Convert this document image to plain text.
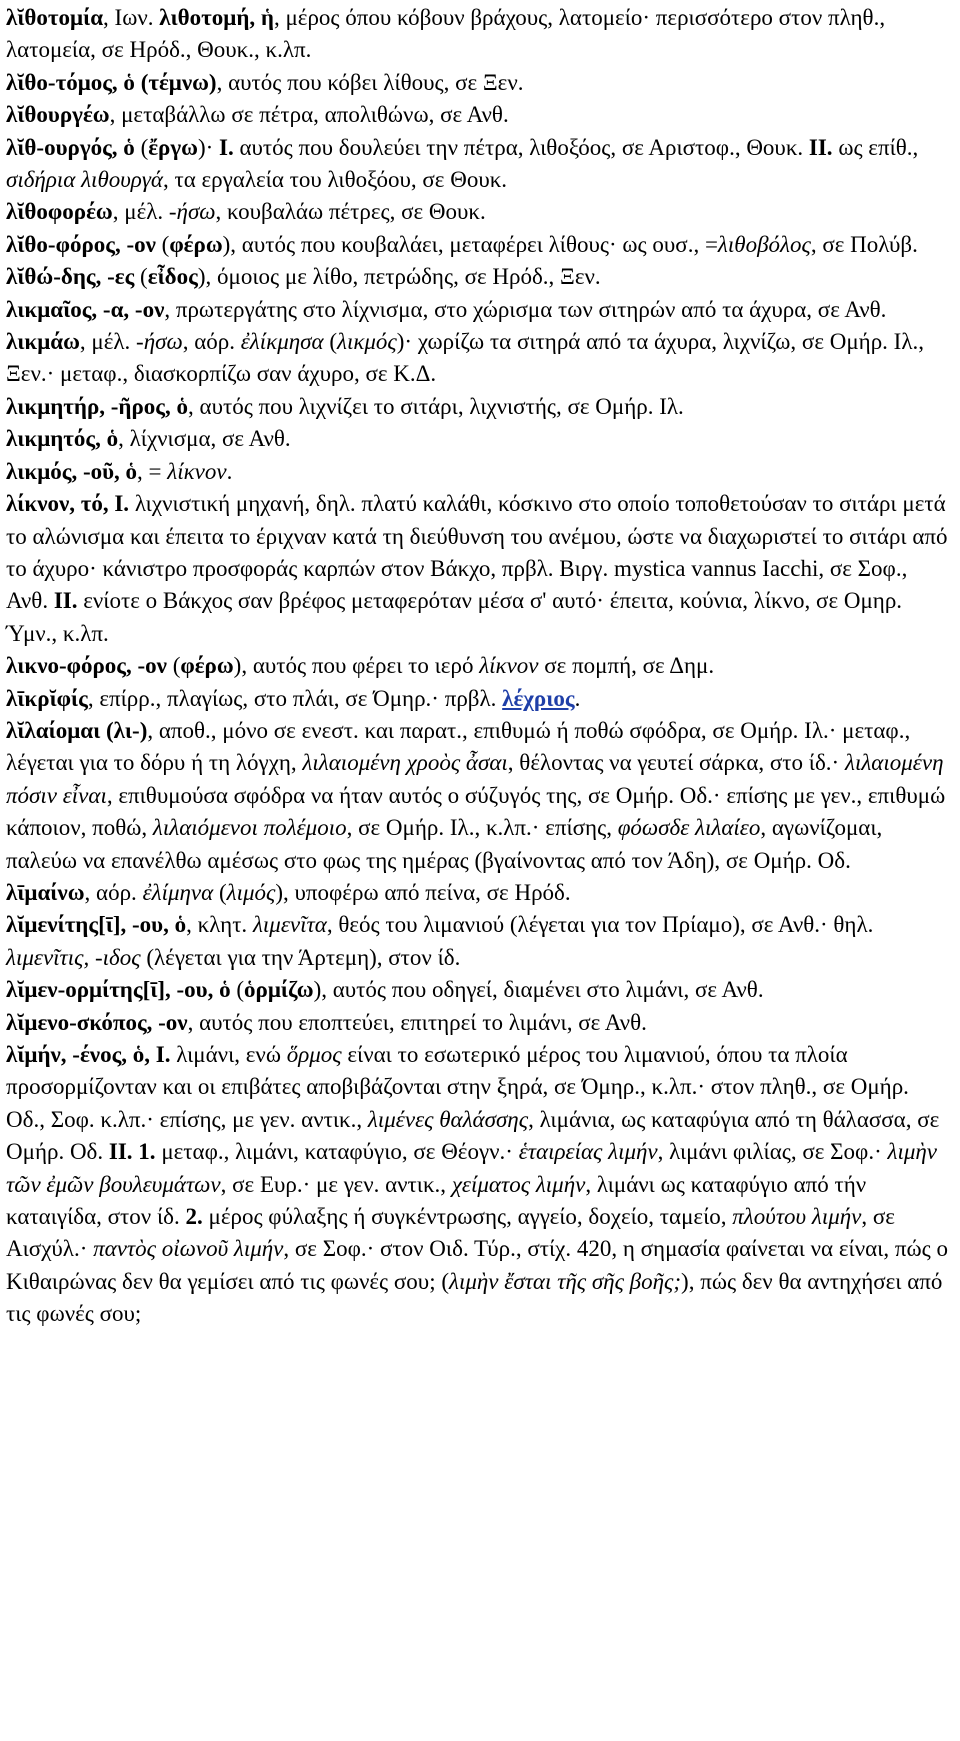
λῐθοτομία, Ιων. λιθοτομή, ἡ, μέρος όπου κόβουν βράχους, λατομείο· περισσότερο στον πληθ., λατομεία, σε Ηρόδ., Θουκ., κ.λπ.

λῐθο-τόμος, ὁ (τέμνω), αυτός που κόβει λίθους, σε Ξεν.

λῐθουργέω, μεταβάλλω σε πέτρα, απολιθώνω, σε Ανθ.

λῐθ-ουργός, ὁ (ἔργω)· I. αυτός που δουλεύει την πέτρα, λιθοξόος, σε Αριστοφ., Θουκ. II. ως επίθ., σιδήρια λιθουργά, τα εργαλεία του λιθοξόου, σε Θουκ.

λῐθοφορέω, μέλ. -ήσω, κουβαλάω πέτρες, σε Θουκ.

λῐθο-φόρος, -ον (φέρω), αυτός που κουβαλάει, μεταφέρει λίθους· ως ουσ., =λιθοβόλος, σε Πολύβ.

λῐθώ-δης, -ες (εἶδος), όμοιος με λίθο, πετρώδης, σε Ηρόδ., Ξεν.

λικμαῖος, -α, -ον, πρωτεργάτης στο λίχνισμα, στο χώρισμα των σιτηρών από τα άχυρα, σε Ανθ.

λικμάω, μέλ. -ήσω, αόρ. ἐλίκμησα (λικμός)· χωρίζω τα σιτηρά από τα άχυρα, λιχνίζω, σε Ομήρ. Ιλ., Ξεν.· μεταφ., διασκορπίζω σαν άχυρο, σε Κ.Δ.

λικμητήρ, -ῆρος, ὁ, αυτός που λιχνίζει το σιτάρι, λιχνιστής, σε Ομήρ. Ιλ.

λικμητός, ὁ, λίχνισμα, σε Ανθ.

λικμός, -οῦ, ὁ, = λίκνον.

λίκνον, τό, I. λιχνιστική μηχανή, δηλ. πλατύ καλάθι, κόσκινο στο οποίο τοποθετούσαν το σιτάρι μετά το αλώνισμα και έπειτα το έριχναν κατά τη διεύθυνση του ανέμου, ώστε να διαχωριστεί το σιτάρι από το άχυρο· κάνιστρο προσφοράς καρπών στον Βάκχο, πρβλ. Βιργ. mystica vannus Iacchi, σε Σοφ., Ανθ. II. ενίοτε ο Βάκχος σαν βρέφος μεταφερόταν μέσα σ' αυτό· έπειτα, κούνια, λίκνο, σε Ομηρ. Ύμν., κ.λπ.

λικνο-φόρος, -ον (φέρω), αυτός που φέρει το ιερό λίκνον σε πομπή, σε Δημ.

λῑκρῐφίς, επίρρ., πλαγίως, στο πλάι, σε Όμηρ.· πρβλ. λέχριος.

λῐλαίομαι (λι-), αποθ., μόνο σε ενεστ. και παρατ., επιθυμώ ή ποθώ σφόδρα, σε Ομήρ. Ιλ.· μεταφ., λέγεται για το δόρυ ή τη λόγχη, λιλαιομένη χροὸς ἆσαι, θέλοντας να γευτεί σάρκα, στο ίδ.· λιλαιομένη πόσιν εἶναι, επιθυμούσα σφόδρα να ήταν αυτός ο σύζυγός της, σε Ομήρ. Οδ.· επίσης με γεν., επιθυμώ κάποιον, ποθώ, λιλαιόμενοι πολέμοιο, σε Ομήρ. Ιλ., κ.λπ.· επίσης, φόωσδε λιλαίεο, αγωνίζομαι, παλεύω να επανέλθω αμέσως στο φως της ημέρας (βγαίνοντας από τον Άδη), σε Ομήρ. Οδ.

λῑμαίνω, αόρ. ἐλίμηνα (λιμός), υποφέρω από πείνα, σε Ηρόδ.

λῐμενίτης[ῑ], -ου, ὁ, κλητ. λιμενῖτα, θεός του λιμανιού (λέγεται για τον Πρίαμο), σε Ανθ.· θηλ. λιμενῖτις, -ιδος (λέγεται για την Άρτεμη), στον ίδ.

λῐμεν-ορμίτης[ῑ], -ου, ὁ (ὁρμίζω), αυτός που οδηγεί, διαμένει στο λιμάνι, σε Ανθ.

λῐμενο-σκόπος, -ον, αυτός που εποπτεύει, επιτηρεί το λιμάνι, σε Ανθ.

λῐμήν, -ένος, ὁ, I. λιμάνι, ενώ ὅρμος είναι το εσωτερικό μέρος του λιμανιού, όπου τα πλοία προσορμίζονταν και οι επιβάτες αποβιβάζονται στην ξηρά, σε Όμηρ., κ.λπ.· στον πληθ., σε Ομήρ. Οδ., Σοφ. κ.λπ.· επίσης, με γεν. αντικ., λιμένες θαλάσσης, λιμάνια, ως καταφύγια από τη θάλασσα, σε Ομήρ. Οδ. II. 1. μεταφ., λιμάνι, καταφύγιο, σε Θέογν.· ἑταιρείας λιμήν, λιμάνι φιλίας, σε Σοφ.· λιμὴν τῶν ἐμῶν βουλευμάτων, σε Ευρ.· με γεν. αντικ., χείματος λιμήν, λιμάνι ως καταφύγιο από τήν καταιγίδα, στον ίδ. 2. μέρος φύλαξης ή συγκέντρωσης, αγγείο, δοχείο, ταμείο, πλούτου λιμήν, σε Αισχύλ.· παντὸς οἰωνοῦ λιμήν, σε Σοφ.· στον Οιδ. Τύρ., στίχ. 420, η σημασία φαίνεται να είναι, πώς ο Κιθαιρώνας δεν θα γεμίσει από τις φωνές σου; (λιμὴν ἔσται τῆς σῆς βοῆς;), πώς δεν θα αντηχήσει από τις φωνές σου;
